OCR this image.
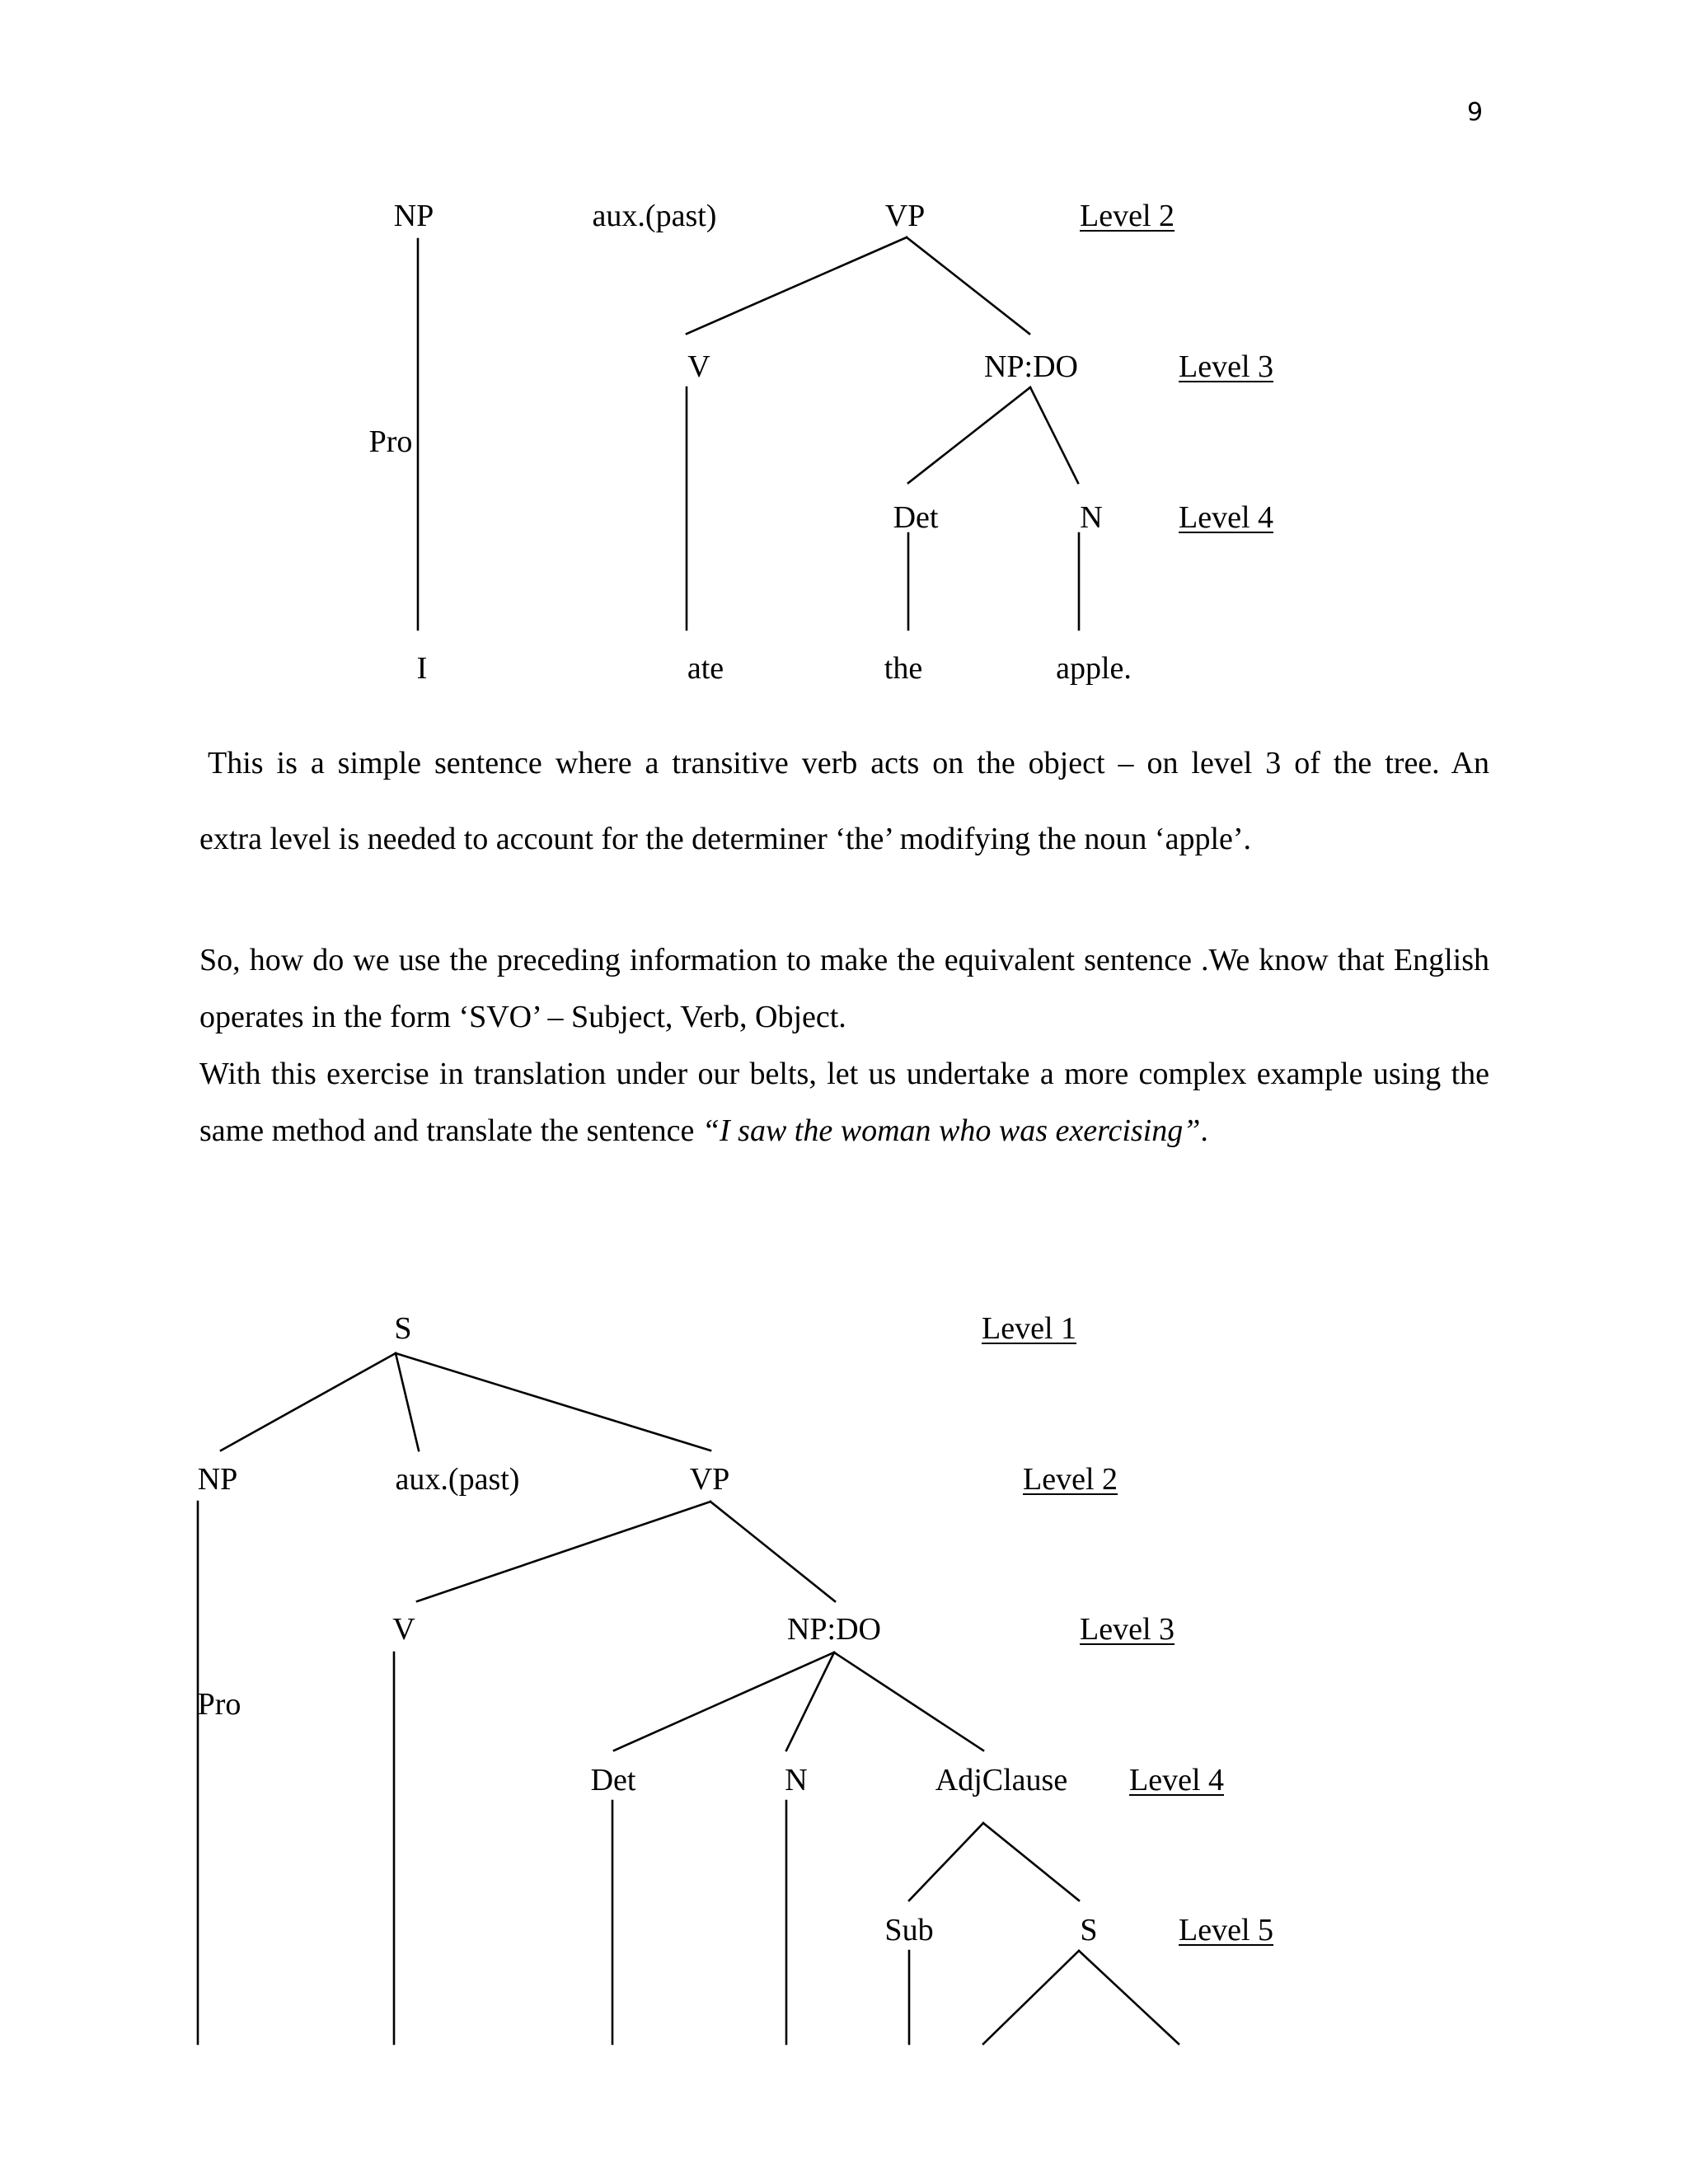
9
NP	aux.(past)	VP	Level 2
V	NP:DO	Level 3
Pro
Det	N Level 4
I	ate	the	apple.
This is a simple sentence where a transitive verb acts on the object – on level 3 of the tree. An
extra level is needed to account for the determiner ‘the’ modifying the noun ‘apple’.
So, how do we use the preceding information to make the equivalent sentence .We know that English operates in the form ‘SVO’ – Subject, Verb, Object.
With this exercise in translation under our belts, let us undertake a more complex example using the same method and translate the sentence “I saw the woman who was exercising”.
S	Level 1
NP	aux.(past)	VP	Level 2
V	NP:DO	Level 3
Pro
Det	N	AdjClause Level 4
Sub	S	Level 5
